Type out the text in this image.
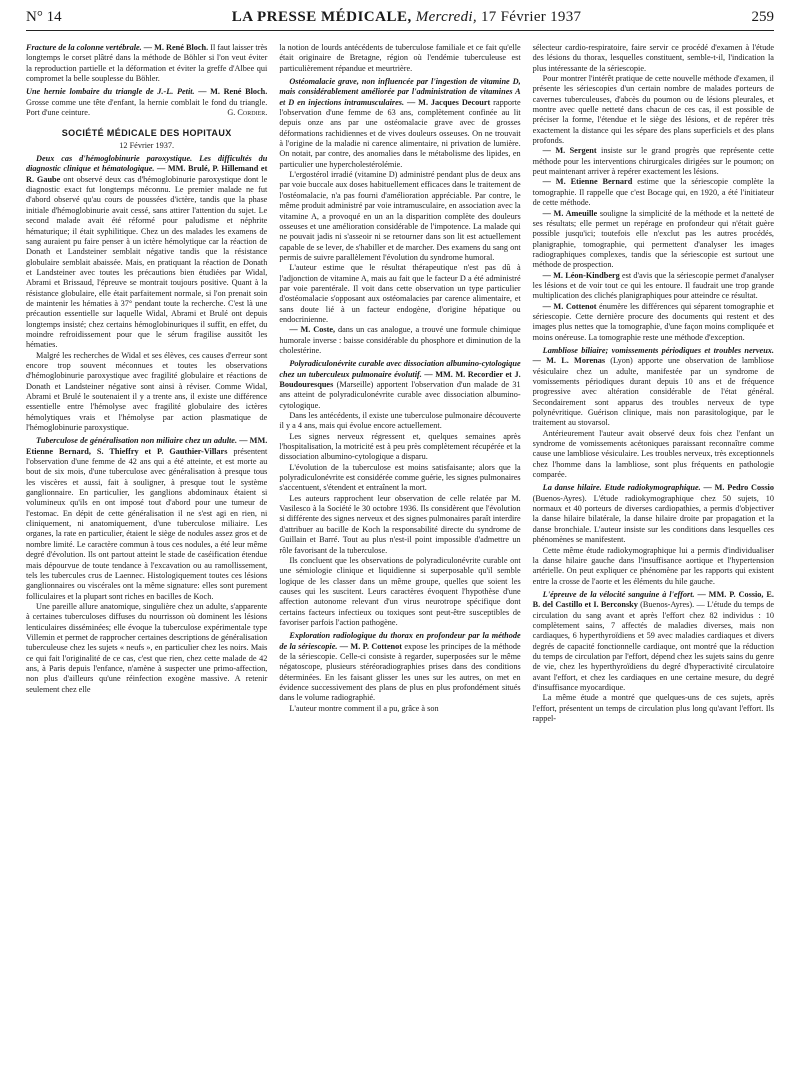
N° 14	LA PRESSE MÉDICALE, Mercredi, 17 Février 1937	259

Fracture de la colonne vertébrale. — M. René Bloch. Il faut laisser très longtemps le corset plâtré dans la méthode de Böhler si l'on veut éviter la reproduction partielle et la déformation et éviter la greffe d'Albee qui compromet la belle souplesse du Böhler.

Une hernie lombaire du triangle de J.-L. Petit. — M. René Bloch. Grosse comme une tête d'enfant, la hernie comblait le fond du triangle. Port d'une ceinture.	G. Cordier.

SOCIÉTÉ MÉDICALE DES HOPITAUX
12 Février 1937.

Deux cas d'hémoglobinurie paroxystique. Les difficultés du diagnostic clinique et hématologique. — MM. Brulé, P. Hillemand et R. Gaube ont observé deux cas d'hémoglobinurie paroxystique dont le diagnostic exact fut longtemps méconnu. Le premier malade ne fut d'abord observé qu'au cours de poussées d'ictère, tandis que la phase initiale d'hémoglobinurie avait cessé, sans attirer l'attention du sujet. Le second malade avait été réformé pour paludisme et néphrite hématurique; il était syphilitique. Chez un des malades les examens de sang auraient pu faire penser à un ictère hémolytique car la réaction de Donath et Landsteiner semblait négative tandis que la résistance globulaire semblait abaissée. Mais, en pratiquant la réaction de Donath et Landsteiner avec toutes les précautions bien étudiées par Widal, Abrami et Brissaud, l'épreuve se montrait toujours positive. Quant à la résistance globulaire, elle était parfaitement normale, si l'on prenait soin de maintenir les hématies à 37° pendant toute la recherche. C'est là une précaution essentielle sur laquelle Widal, Abrami et Brulé ont depuis longtemps insisté; chez certains hémoglobinuriques il suffit, en effet, du moindre refroidissement pour que le sérum fragilise aussitôt les hématies.

Malgré les recherches de Widal et ses élèves, ces causes d'erreur sont encore trop souvent méconnues et toutes les observations d'hémoglobinurie paroxystique avec fragilité globulaire et réactions de Donath et Landsteiner négative sont ainsi à réviser. Comme Widal, Abrami et Brulé le soutenaient il y a trente ans, il existe une différence essentielle entre l'hémolyse avec fragilité globulaire des ictères hémolytiques vrais et l'hémolyse par action plasmatique de l'hémoglobinurie paroxystique.

Tuberculose de généralisation non miliaire chez un adulte. — MM. Etienne Bernard, S. Thieffry et P. Gauthier-Villars présentent l'observation d'une femme de 42 ans qui a été atteinte, et est morte au bout de six mois, d'une tuberculose avec généralisation à presque tous les viscères et aussi, fait à souligner, à presque tout le système ganglionnaire. En particulier, les ganglions abdominaux étaient si volumineux qu'ils en ont imposé tout d'abord pour une tumeur de l'estomac. En dépit de cette généralisation il ne s'est agi en rien, ni cliniquement, ni anatomiquement, d'une tuberculose miliaire. Les organes, la rate en particulier, étaient le siège de nodules assez gros et de nombre limité. Le caractère commun à tous ces nodules, a été leur même degré d'évolution. Ils ont partout atteint le stade de caséification étendue mais dépourvue de toute tendance à l'excavation ou au ramollissement, tels les tubercules crus de Laennec. Histologiquement toutes ces lésions ganglionnaires ou viscérales ont la même signature: elles sont purement folliculaires et la plupart sont riches en bacilles de Koch.

Une pareille allure anatomique, singulière chez un adulte, s'apparente à certaines tuberculoses diffuses du nourrisson où dominent les lésions lenticulaires disséminées; elle évoque la tuberculose expérimentale type Villemin et permet de rapprocher certaines descriptions de généralisation tuberculeuse chez les sujets « neufs », en particulier chez les noirs. Mais ce qui fait l'originalité de ce cas, c'est que rien, chez cette malade de 42 ans, à Paris depuis l'enfance, n'amène à suspecter une primo-affection, non plus d'ailleurs qu'une réinfection exogène massive. A retenir seulement chez elle

la notion de lourds antécédents de tuberculose familiale et ce fait qu'elle était originaire de Bretagne, région où l'endémie tuberculeuse est particulièrement répandue et meurtrière.

Ostéomalacie grave, non influencée par l'ingestion de vitamine D, mais considérablement améliorée par l'administration de vitamines A et D en injections intramusculaires. — M. Jacques Decourt rapporte l'observation d'une femme de 63 ans, complètement confinée au lit depuis onze ans par une ostéomalacie grave avec de grosses déformations rachidiennes et de vives douleurs osseuses. On ne trouvait à l'origine de la maladie ni carence alimentaire, ni privation de lumière. On notait, par contre, des anomalies dans le métabolisme des lipides, en particulier une hypercholestérolémie.

L'ergostérol irradié (vitamine D) administré pendant plus de deux ans par voie buccale aux doses habituellement efficaces dans le traitement de l'ostéomalacie, n'a pas fourni d'amélioration appréciable. Par contre, le même produit administré par voie intramusculaire, en association avec la vitamine A, a provoqué en un an la disparition complète des douleurs osseuses et une amélioration considérable de l'impotence. La malade qui ne pouvait jadis ni s'asseoir ni se retourner dans son lit est actuellement capable de se lever, de s'habiller et de marcher. Des examens du sang ont permis de suivre parallèlement l'évolution du syndrome humoral.

L'auteur estime que le résultat thérapeutique n'est pas dû à l'adjonction de vitamine A, mais au fait que le facteur D a été administré par voie parentérale. Il voit dans cette observation un type particulier d'ostéomalacie s'opposant aux ostéomalacies par carence alimentaire, et sans doute lié à un facteur endogène, d'origine hépatique ou endocrinienne.

— M. Coste, dans un cas analogue, a trouvé une formule chimique humorale inverse : baisse considérable du phosphore et diminution de la cholestérine.

Polyradiculonévrite curable avec dissociation albumino-cytologique chez un tuberculeux pulmonaire évolutif. — MM. M. Recordier et J. Boudouresques (Marseille) apportent l'observation d'un malade de 31 ans atteint de polyradiculonévrite curable avec dissociation albumino-cytologique.

Dans les antécédents, il existe une tuberculose pulmonaire découverte il y a 4 ans, mais qui évolue encore actuellement.

Les signes nerveux régressent et, quelques semaines après l'hospitalisation, la motricité est à peu près complètement récupérée et la dissociation albumino-cytologique a disparu.

L'évolution de la tuberculose est moins satisfaisante; alors que la polyradiculonévrite est considérée comme guérie, les signes pulmonaires s'accentuent, s'étendent et entraînent la mort.

Les auteurs rapprochent leur observation de celle relatée par M. Vasilesco à la Société le 30 octobre 1936. Ils considèrent que l'évolution si différente des signes nerveux et des signes pulmonaires paraît interdire d'attribuer au bacille de Koch la responsabilité directe du syndrome de Guillain et Barré. Tout au plus n'est-il point impossible d'admettre un rôle favorisant de la tuberculose.

Ils concluent que les observations de polyradiculonévrite curable ont une sémiologie clinique et liquidienne si superposable qu'il semble logique de les classer dans un même groupe, quelles que soient les causes qui les suscitent. Leurs caractères évoquent l'hypothèse d'une affection autonome relevant d'un virus neurotrope spécifique dont certains facteurs infectieux ou toxiques sont peut-être susceptibles de favoriser parfois l'action pathogène.

Exploration radiologique du thorax en profondeur par la méthode de la sériescopie. — M. P. Cottenot expose les principes de la méthode de la sériescopie. Celle-ci consiste à regarder, superposées sur le même négatoscope, plusieurs stéréoradiographies prises dans des conditions déterminées. En les faisant glisser les unes sur les autres, on met en évidence successivement des plans de plus en plus profondément situés dans le volume radiographié.

L'auteur montre comment il a pu, grâce à son

sélecteur cardio-respiratoire, faire servir ce procédé d'examen à l'étude des lésions du thorax, lesquelles constituent, semble-t-il, l'indication la plus intéressante de la sériescopie.

Pour montrer l'intérêt pratique de cette nouvelle méthode d'examen, il présente les sériescopies d'un certain nombre de malades porteurs de cavernes tuberculeuses, d'abcès du poumon ou de lésions pleurales, et montre avec quelle netteté dans chacun de ces cas, il est possible de préciser la forme, l'étendue et le siège des lésions, et de repérer très exactement la distance qui les sépare des plans superficiels et des plans profonds.

— M. Sergent insiste sur le grand progrès que représente cette méthode pour les interventions chirurgicales dirigées sur le poumon; on peut maintenant arriver à repérer exactement les lésions.

— M. Etienne Bernard estime que la sériescopie complète la tomographie. Il rappelle que c'est Bocage qui, en 1920, a été l'initiateur de cette méthode.

— M. Ameuille souligne la simplicité de la méthode et la netteté de ses résultats; elle permet un repérage en profondeur qui n'était guère possible jusqu'ici; toutefois elle n'exclut pas les autres procédés, planigraphie, tomographie, qui permettent d'analyser les images radiographiques complexes, tandis que la sériescopie est surtout une méthode de prospection.

— M. Léon-Kindberg est d'avis que la sériescopie permet d'analyser les lésions et de voir tout ce qui les entoure. Il faudrait une trop grande multiplication des clichés planigraphiques pour atteindre ce résultat.

— M. Cottenot énumère les différences qui séparent tomographie et sériescopie. Cette dernière procure des documents qui restent et des images plus nettes que la tomographie, d'une façon moins compliquée et moins onéreuse. La tomographie reste une méthode d'exception.

Lambliose biliaire; vomissements périodiques et troubles nerveux. — M. L. Morenas (Lyon) apporte une observation de lambliose vésiculaire chez un adulte, manifestée par un syndrome de vomissements périodiques durant depuis 10 ans et de fréquence progressive avec altération considérable de l'état général. Secondairement sont apparus des troubles nerveux de type polynévritique. Guérison clinique, mais non parasitologique, par le traitement au stovarsol.

Antérieurement l'auteur avait observé deux fois chez l'enfant un syndrome de vomissements acétoniques paraissant reconnaître comme cause une lambliose vésiculaire. Les troubles nerveux, très exceptionnels chez l'homme dans la lambliose, sont plus fréquents en pathologie comparée.

La danse hilaire. Etude radiokymographique. — M. Pedro Cossio (Buenos-Ayres). L'étude radiokymographique chez 50 sujets, 10 normaux et 40 porteurs de diverses cardiopathies, a permis d'objectiver la danse hilaire bilatérale, la danse hilaire droite par propagation et la danse bronchiale. L'auteur insiste sur les conditions dans lesquelles ces phénomènes se manifestent.

Cette même étude radiokymographique lui a permis d'individualiser la danse hilaire gauche dans l'insuffisance aortique et l'hypertension artérielle. On peut expliquer ce phénomène par les rapports qui existent entre la crosse de l'aorte et les éléments du hile gauche.

L'épreuve de la vélocité sanguine à l'effort. — MM. P. Cossio, E. B. del Castillo et I. Berconsky (Buenos-Ayres). — L'étude du temps de circulation du sang avant et après l'effort chez 82 individus : 10 complètement sains, 7 affectés de maladies diverses, mais non cardiaques, 6 hyperthyroïdiens et 59 avec maladies cardiaques et divers degrés de capacité fonctionnelle cardiaque, ont montré que la réduction du temps de circulation par l'effort, dépend chez les sujets sains du genre de vie, chez les hyperthyroïdiens du degré d'hyperactivité circulatoire avant l'effort, et chez les cardiaques en une certaine mesure, du degré d'insuffisance myocardique.

La même étude a montré que quelques-uns de ces sujets, après l'effort, présentent un temps de circulation plus long qu'avant l'effort. Ils rappel-
